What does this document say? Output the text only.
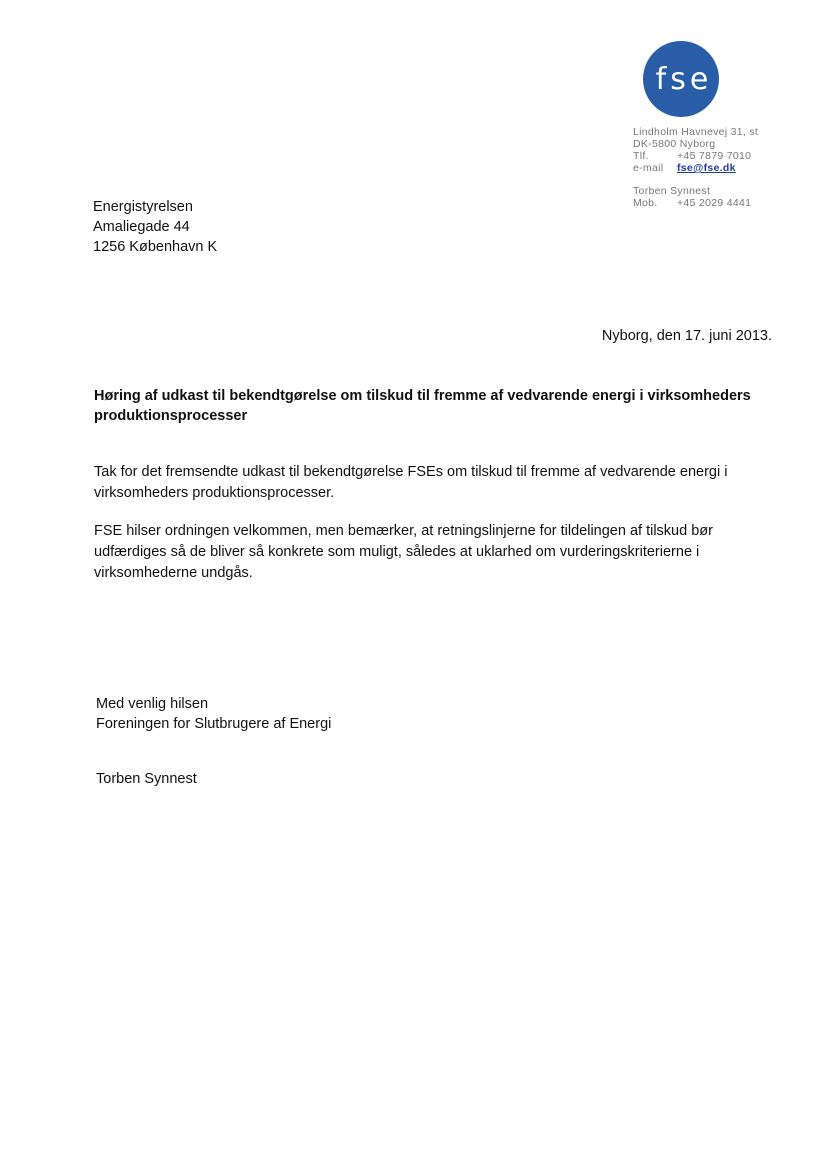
fse
Lindholm Havnevej 31, st
DK-5800 Nyborg
Tlf.	+45 7879 7010
e-mail	fse@fse.dk
Torben Synnest
Mob.	+45 2029 4441
Energistyrelsen
Amaliegade 44
1256 København K
Nyborg, den 17. juni 2013.
Høring af udkast til bekendtgørelse om tilskud til fremme af vedvarende energi i virksomheders produktionsprocesser
Tak for det fremsendte udkast til bekendtgørelse FSEs om tilskud til fremme af vedvarende energi i virksomheders produktionsprocesser.
FSE hilser ordningen velkommen, men bemærker, at retningslinjerne for tildelingen af tilskud bør udfærdiges så de bliver så konkrete som muligt, således at uklarhed om vurderingskriterierne i virksomhederne undgås.
Med venlig hilsen
Foreningen for Slutbrugere af Energi
Torben Synnest
